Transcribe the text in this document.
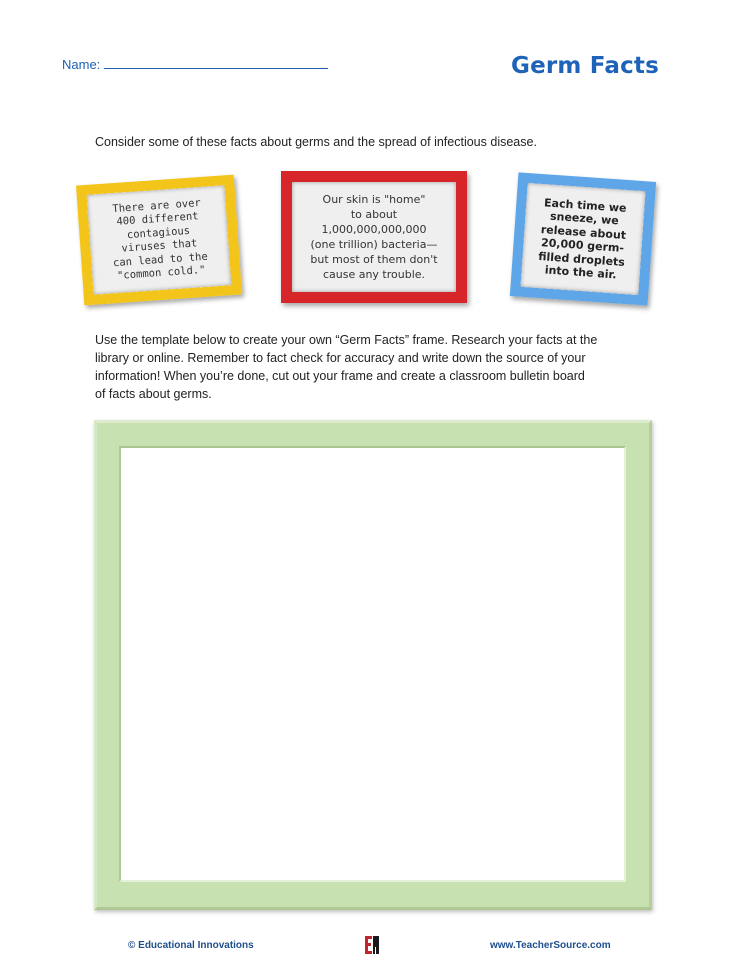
Name:	Germ Facts
Consider some of these facts about germs and the spread of infectious disease.
There are over
400 different
contagious
viruses that
can lead to the
"common cold."
Our skin is "home"
to about
1,000,000,000,000
(one trillion) bacteria—
but most of them don't
cause any trouble.
Each time we
sneeze, we
release about
20,000 germ-
filled droplets
into the air.

Use the template below to create your own “Germ Facts” frame. Research your facts at the

library or online. Remember to fact check for accuracy and write down the source of your

information! When you’re done, cut out your frame and create a classroom bulletin board

of facts about germs.

© Educational Innovations	www.TeacherSource.com
